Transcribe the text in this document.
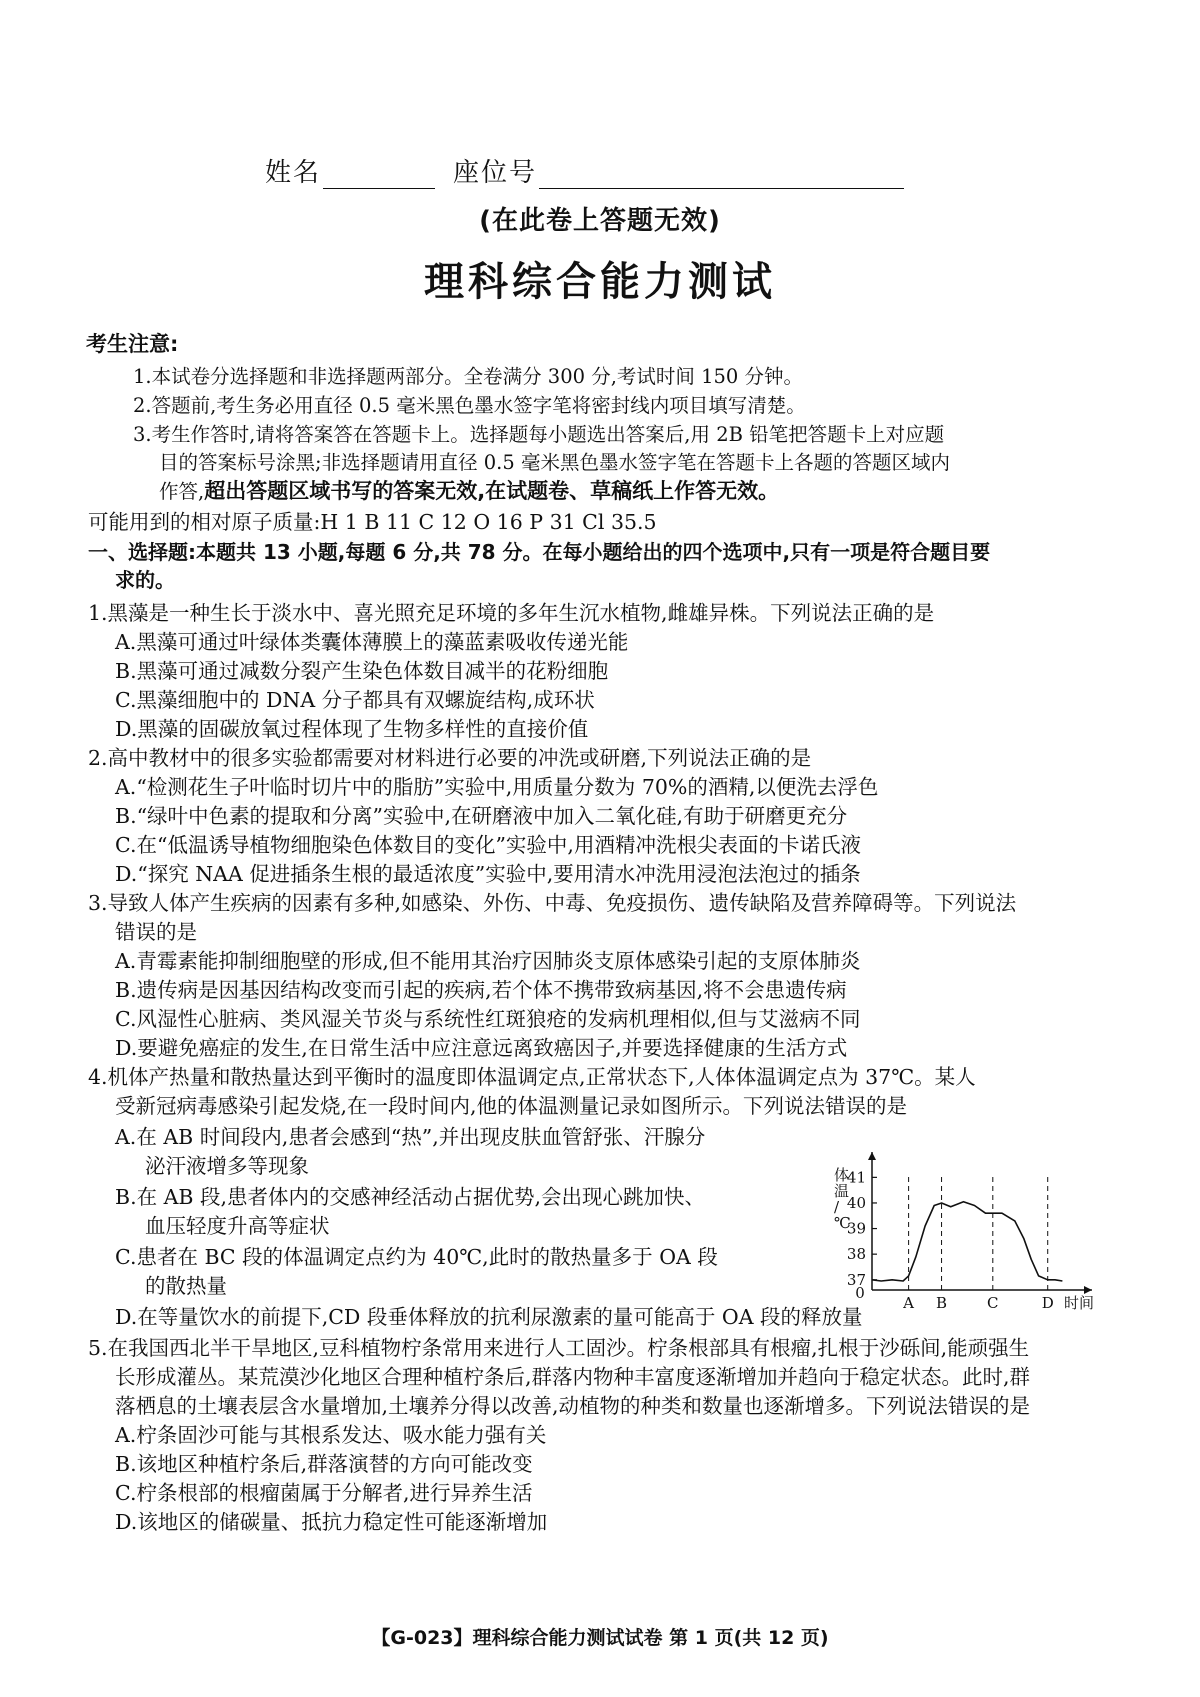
姓名	座位号
(在此卷上答题无效)
理科综合能力测试
考生注意:
1.本试卷分选择题和非选择题两部分。全卷满分 300 分,考试时间 150 分钟。
2.答题前,考生务必用直径 0.5 毫米黑色墨水签字笔将密封线内项目填写清楚。
3.考生作答时,请将答案答在答题卡上。选择题每小题选出答案后,用 2B 铅笔把答题卡上对应题
目的答案标号涂黑;非选择题请用直径 0.5 毫米黑色墨水签字笔在答题卡上各题的答题区域内
作答,超出答题区域书写的答案无效,在试题卷、草稿纸上作答无效。
可能用到的相对原子质量:H 1 B 11 C 12 O 16 P 31 Cl 35.5
一、选择题:本题共 13 小题,每题 6 分,共 78 分。在每小题给出的四个选项中,只有一项是符合题目要
求的。
1.黑藻是一种生长于淡水中、喜光照充足环境的多年生沉水植物,雌雄异株。下列说法正确的是
A.黑藻可通过叶绿体类囊体薄膜上的藻蓝素吸收传递光能
B.黑藻可通过减数分裂产生染色体数目减半的花粉细胞
C.黑藻细胞中的 DNA 分子都具有双螺旋结构,成环状
D.黑藻的固碳放氧过程体现了生物多样性的直接价值
2.高中教材中的很多实验都需要对材料进行必要的冲洗或研磨,下列说法正确的是
A.“检测花生子叶临时切片中的脂肪”实验中,用质量分数为 70%的酒精,以便洗去浮色
B.“绿叶中色素的提取和分离”实验中,在研磨液中加入二氧化硅,有助于研磨更充分
C.在“低温诱导植物细胞染色体数目的变化”实验中,用酒精冲洗根尖表面的卡诺氏液
D.“探究 NAA 促进插条生根的最适浓度”实验中,要用清水冲洗用浸泡法泡过的插条
3.导致人体产生疾病的因素有多种,如感染、外伤、中毒、免疫损伤、遗传缺陷及营养障碍等。下列说法
错误的是
A.青霉素能抑制细胞壁的形成,但不能用其治疗因肺炎支原体感染引起的支原体肺炎
B.遗传病是因基因结构改变而引起的疾病,若个体不携带致病基因,将不会患遗传病
C.风湿性心脏病、类风湿关节炎与系统性红斑狼疮的发病机理相似,但与艾滋病不同
D.要避免癌症的发生,在日常生活中应注意远离致癌因子,并要选择健康的生活方式
4.机体产热量和散热量达到平衡时的温度即体温调定点,正常状态下,人体体温调定点为 37℃。某人
受新冠病毒感染引起发烧,在一段时间内,他的体温测量记录如图所示。下列说法错误的是
A.在 AB 时间段内,患者会感到“热”,并出现皮肤血管舒张、汗腺分
泌汗液增多等现象
B.在 AB 段,患者体内的交感神经活动占据优势,会出现心跳加快、
血压轻度升高等症状
C.患者在 BC 段的体温调定点约为 40℃,此时的散热量多于 OA 段
的散热量
D.在等量饮水的前提下,CD 段垂体释放的抗利尿激素的量可能高于 OA 段的释放量
体温/ ℃
37
38
39
40
41
0
A B	C	D 时间
5.在我国西北半干旱地区,豆科植物柠条常用来进行人工固沙。柠条根部具有根瘤,扎根于沙砾间,能顽强生
长形成灌丛。某荒漠沙化地区合理种植柠条后,群落内物种丰富度逐渐增加并趋向于稳定状态。此时,群
落栖息的土壤表层含水量增加,土壤养分得以改善,动植物的种类和数量也逐渐增多。下列说法错误的是
A.柠条固沙可能与其根系发达、吸水能力强有关
B.该地区种植柠条后,群落演替的方向可能改变
C.柠条根部的根瘤菌属于分解者,进行异养生活
D.该地区的储碳量、抵抗力稳定性可能逐渐增加
【G-023】理科综合能力测试试卷 第 1 页(共 12 页)
